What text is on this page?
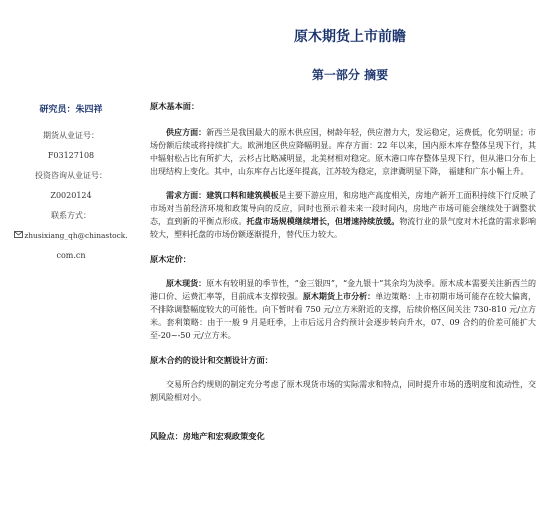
原木期货上市前瞻
第一部分 摘要
研究员：朱四祥
期货从业证号：
F03127108
投资咨询从业证号：
Z0020124
联系方式：
zhusixiang_qh@chinastock.
com.cn

原木基本面：

供应方面：新西兰是我国最大的原木供应国，树龄年轻，供应潜力大，发运稳定，运费低，化劳明显；市场份额后续或将持续扩大。欧洲地区供应降幅明显。库存方面：22 年以来，国内原木库存整体呈现下行，其中辐射松占比有所扩大，云杉占比略减明显，北美材相对稳定。原木港口库存整体呈现下行，但从港口分布上出现结构上变化。其中，山东库存占比逐年提高，江苏较为稳定，京津冀明显下降， 福建和广东小幅上升。

需求方面：建筑口料和建筑模板是主要下游应用，和房地产高度相关，房地产新开工面积持续下行反映了市场对当前经济环境和政策导向的反应，同时也预示着未来一段时间内，房地产市场可能会继续处于调整状态，直到新的平衡点形成。托盘市场规模继续增长，但增速持续放缓。物流行业的景气度对木托盘的需求影响较大，塑料托盘的市场份额逐渐提升，替代压力较大。

原木定价：

原木现货：原木有较明显的季节性，“金三银四”，“金九银十”其余均为淡季。原木成本需要关注新西兰的港口价、运费汇率等，目前成本支撑较强。原木期货上市分析：单边策略：上市初期市场可能存在较大偏离，不排除调整幅度较大的可能性。向下暂时看 750 元/立方米附近的支撑，后续价格区间关注 730-810 元/立方米。套利策略：由于一般 9 月是旺季，上市后远月合约预计会逐步转向升水，07、09 合约的价差可能扩大至-20~-50 元/立方米。

原木合约的设计和交割设计方面：

交易所合约规则的制定充分考虑了原木现货市场的实际需求和特点，同时提升市场的透明度和流动性，交割风险相对小。

风险点：房地产和宏观政策变化
